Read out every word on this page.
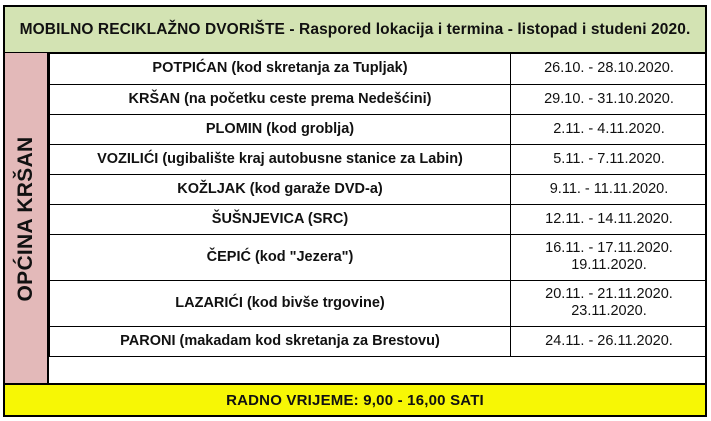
MOBILNO RECIKLAŽNO DVORIŠTE - Raspored lokacija i termina - listopad i studeni 2020.
OPĆINA KRŠAN
POTPIĆAN (kod skretanja za Tupljak)	26.10. - 28.10.2020.

KRŠAN (na početku ceste prema Nedešćini)	29.10. - 31.10.2020.

PLOMIN (kod groblja)	2.11. - 4.11.2020.

VOZILIĆI (ugibalište kraj autobusne stanice za Labin)	5.11. - 7.11.2020.

KOŽLJAK (kod garaže DVD-a)	9.11. - 11.11.2020.

ŠUŠNJEVICA (SRC)	12.11. - 14.11.2020.

ČEPIĆ (kod "Jezera")	16.11. - 17.11.2020.
19.11.2020.

LAZARIĆI (kod bivše trgovine)	20.11. - 21.11.2020.
23.11.2020.

PARONI (makadam kod skretanja za Brestovu)	24.11. - 26.11.2020.
RADNO VRIJEME: 9,00 - 16,00 SATI
